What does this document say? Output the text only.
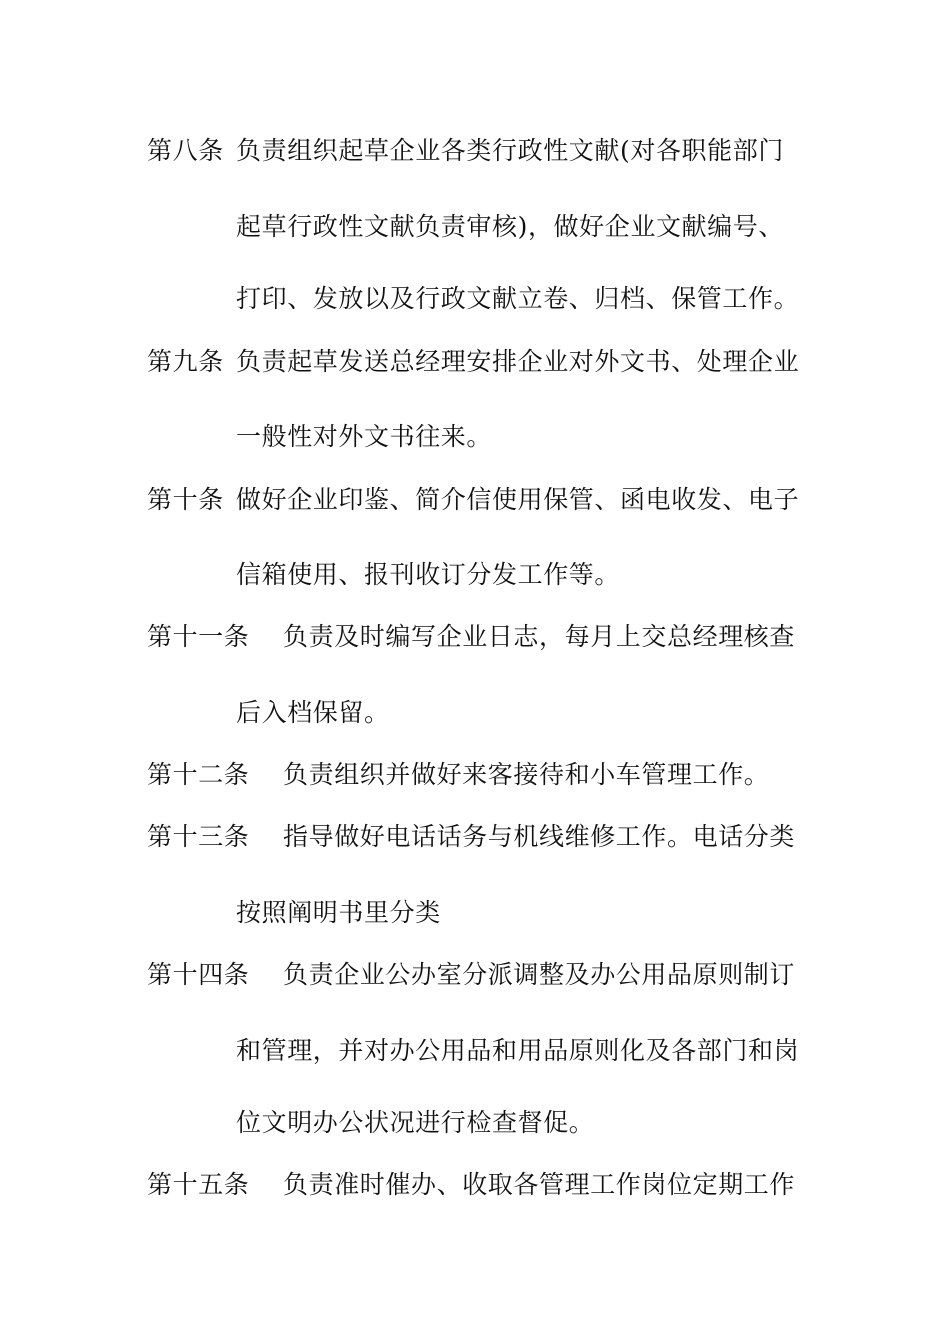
第八条 负责组织起草企业各类行政性文献(对各职能部门
起草行政性文献负责审核)，做好企业文献编号、
打印、发放以及行政文献立卷、归档、保管工作。
第九条 负责起草发送总经理安排企业对外文书、处理企业
一般性对外文书往来。
第十条 做好企业印鉴、简介信使用保管、函电收发、电子
信箱使用、报刊收订分发工作等。
第十一条 负责及时编写企业日志，每月上交总经理核查
后入档保留。
第十二条 负责组织并做好来客接待和小车管理工作。
第十三条 指导做好电话话务与机线维修工作。电话分类
按照阐明书里分类
第十四条 负责企业公办室分派调整及办公用品原则制订
和管理，并对办公用品和用品原则化及各部门和岗
位文明办公状况进行检查督促。
第十五条 负责准时催办、收取各管理工作岗位定期工作
